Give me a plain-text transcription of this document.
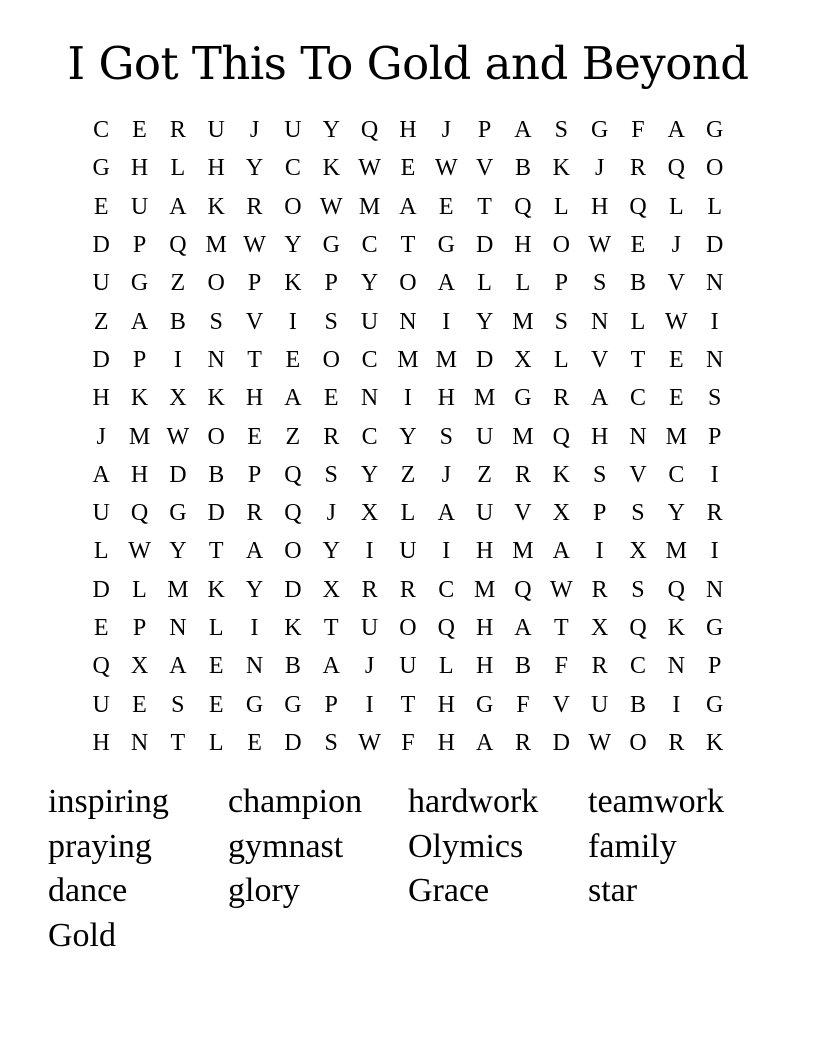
I Got This To Gold and Beyond
C E R U	J	U Y Q H	J	P A S G F A G
G H L H Y C K W E W V B K	J	R Q O
E U A K R O W M A E T Q L H Q L L
D P Q M W Y G C T G D H O W E	J	D
U G Z O P K P Y O A L L	P	S B V N
Z A B S V	I	S U N	I	Y M S N L W I
D P	I	N T E O C M M D X L V T E N
H K X K H A E N	I	H M G R A C E	S
J M W O E Z R C Y S U M Q H N M P
A H D B P Q S Y Z	J	Z R K S V C	I
U Q G D R Q	J	X L A U V X P	S Y R
L W Y T A O Y	I	U	I	H M A	I	X M I
D L M K Y D X R R C M Q W R S Q N
E	P N L	I	K T U O Q H A T X Q K G
Q X A E N B A	J	U L H B F R C N P
U E	S	E G G P	I	T H G F V U B	I	G
H N T L E D S W F H A R D W O R K
inspiring	champion	hardwork	teamwork
praying	gymnast	Olymics	family
dance	glory	Grace	star
Gold
